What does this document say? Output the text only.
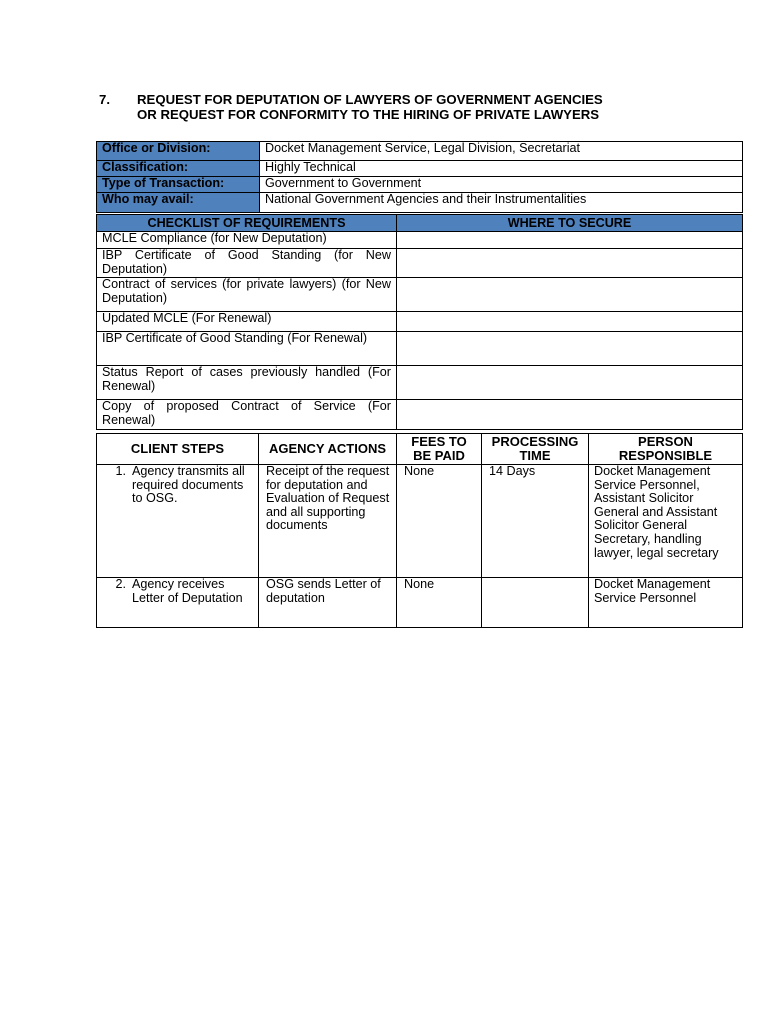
7. REQUEST FOR DEPUTATION OF LAWYERS OF GOVERNMENT AGENCIES
OR REQUEST FOR CONFORMITY TO THE HIRING OF PRIVATE LAWYERS
Office or Division:	Docket Management Service, Legal Division, Secretariat
Classification:	Highly Technical
Type of Transaction:	Government to Government
Who may avail:	National Government Agencies and their Instrumentalities
CHECKLIST OF REQUIREMENTS	WHERE TO SECURE
MCLE Compliance (for New Deputation)	
IBP Certificate of Good Standing (for New Deputation)	
Contract of services (for private lawyers) (for New Deputation)	
Updated MCLE (For Renewal)	
IBP Certificate of Good Standing (For Renewal)	
Status Report of cases previously handled (For Renewal)	
Copy of proposed Contract of Service (For Renewal)	
CLIENT STEPS	AGENCY ACTIONS	FEES TO BE PAID	PROCESSING TIME	PERSON RESPONSIBLE

1. Agency transmits all required documents to OSG.	Receipt of the request for deputation and Evaluation of Request and all supporting documents	None	14 Days	Docket Management Service Personnel, Assistant Solicitor General and Assistant Solicitor General Secretary, handling lawyer, legal secretary

2. Agency receives Letter of Deputation	OSG sends Letter of deputation	None		Docket Management Service Personnel
